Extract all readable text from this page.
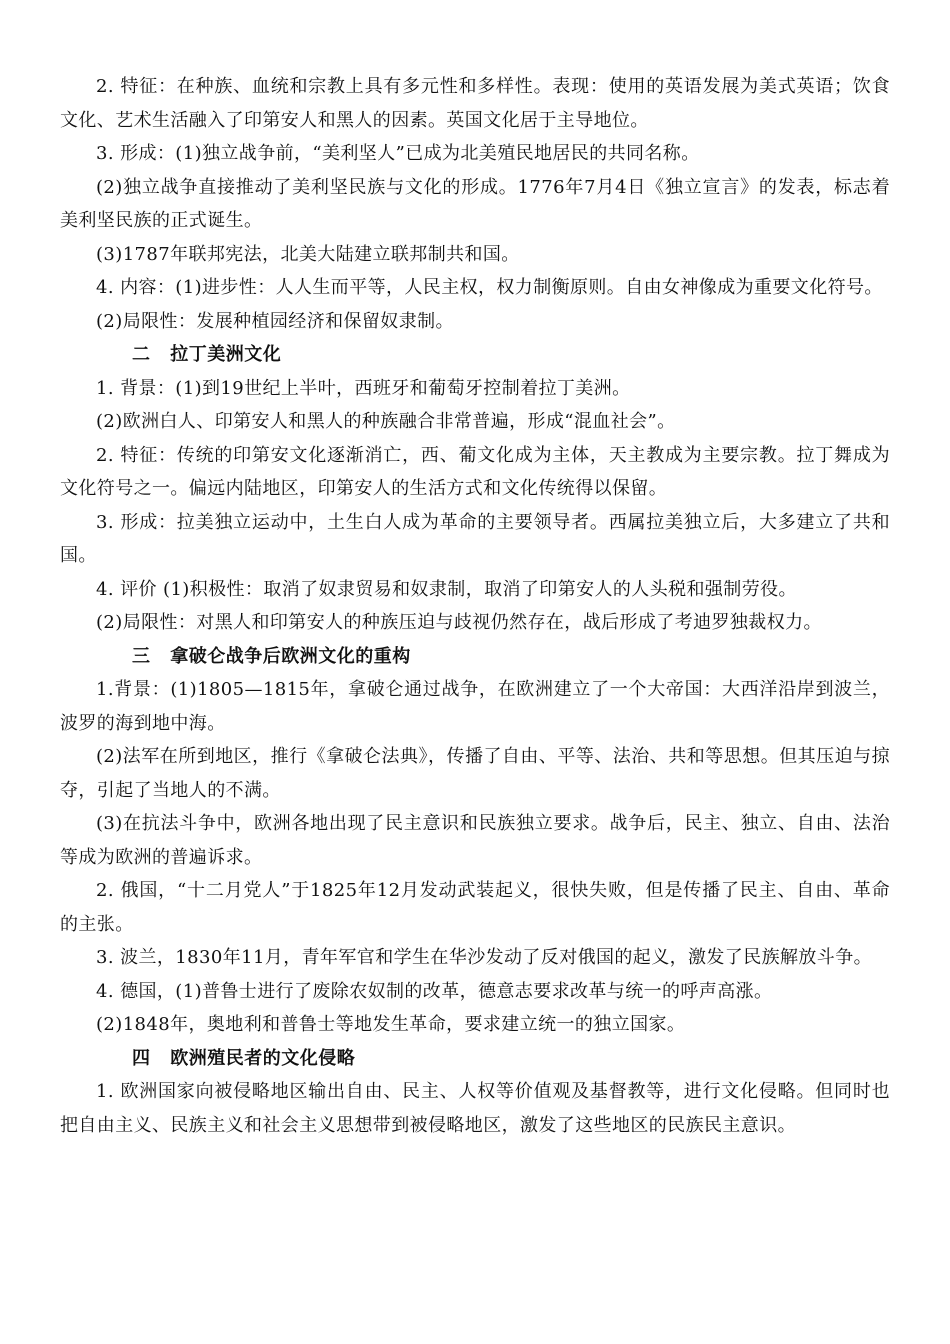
2. 特征：在种族、血统和宗教上具有多元性和多样性。表现：使用的英语发展为美式英语；饮食文化、艺术生活融入了印第安人和黑人的因素。英国文化居于主导地位。

3. 形成：(1)独立战争前，“美利坚人”已成为北美殖民地居民的共同名称。

(2)独立战争直接推动了美利坚民族与文化的形成。1776年7月4日《独立宣言》的发表，标志着美利坚民族的正式诞生。

(3)1787年联邦宪法，北美大陆建立联邦制共和国。

4. 内容：(1)进步性：人人生而平等，人民主权，权力制衡原则。自由女神像成为重要文化符号。

(2)局限性：发展种植园经济和保留奴隶制。

二 拉丁美洲文化

1. 背景：(1)到19世纪上半叶，西班牙和葡萄牙控制着拉丁美洲。

(2)欧洲白人、印第安人和黑人的种族融合非常普遍，形成“混血社会”。

2. 特征：传统的印第安文化逐渐消亡，西、葡文化成为主体，天主教成为主要宗教。拉丁舞成为文化符号之一。偏远内陆地区，印第安人的生活方式和文化传统得以保留。

3. 形成：拉美独立运动中，土生白人成为革命的主要领导者。西属拉美独立后，大多建立了共和国。

4. 评价 (1)积极性：取消了奴隶贸易和奴隶制，取消了印第安人的人头税和强制劳役。

(2)局限性：对黑人和印第安人的种族压迫与歧视仍然存在，战后形成了考迪罗独裁权力。

三 拿破仑战争后欧洲文化的重构

1.背景：(1)1805—1815年，拿破仑通过战争，在欧洲建立了一个大帝国：大西洋沿岸到波兰，波罗的海到地中海。

(2)法军在所到地区，推行《拿破仑法典》，传播了自由、平等、法治、共和等思想。但其压迫与掠夺，引起了当地人的不满。

(3)在抗法斗争中，欧洲各地出现了民主意识和民族独立要求。战争后，民主、独立、自由、法治等成为欧洲的普遍诉求。

2. 俄国，“十二月党人”于1825年12月发动武装起义，很快失败，但是传播了民主、自由、革命的主张。

3. 波兰，1830年11月，青年军官和学生在华沙发动了反对俄国的起义，激发了民族解放斗争。

4. 德国，(1)普鲁士进行了废除农奴制的改革，德意志要求改革与统一的呼声高涨。

(2)1848年，奥地利和普鲁士等地发生革命，要求建立统一的独立国家。

四 欧洲殖民者的文化侵略

1. 欧洲国家向被侵略地区输出自由、民主、人权等价值观及基督教等，进行文化侵略。但同时也把自由主义、民族主义和社会主义思想带到被侵略地区，激发了这些地区的民族民主意识。
